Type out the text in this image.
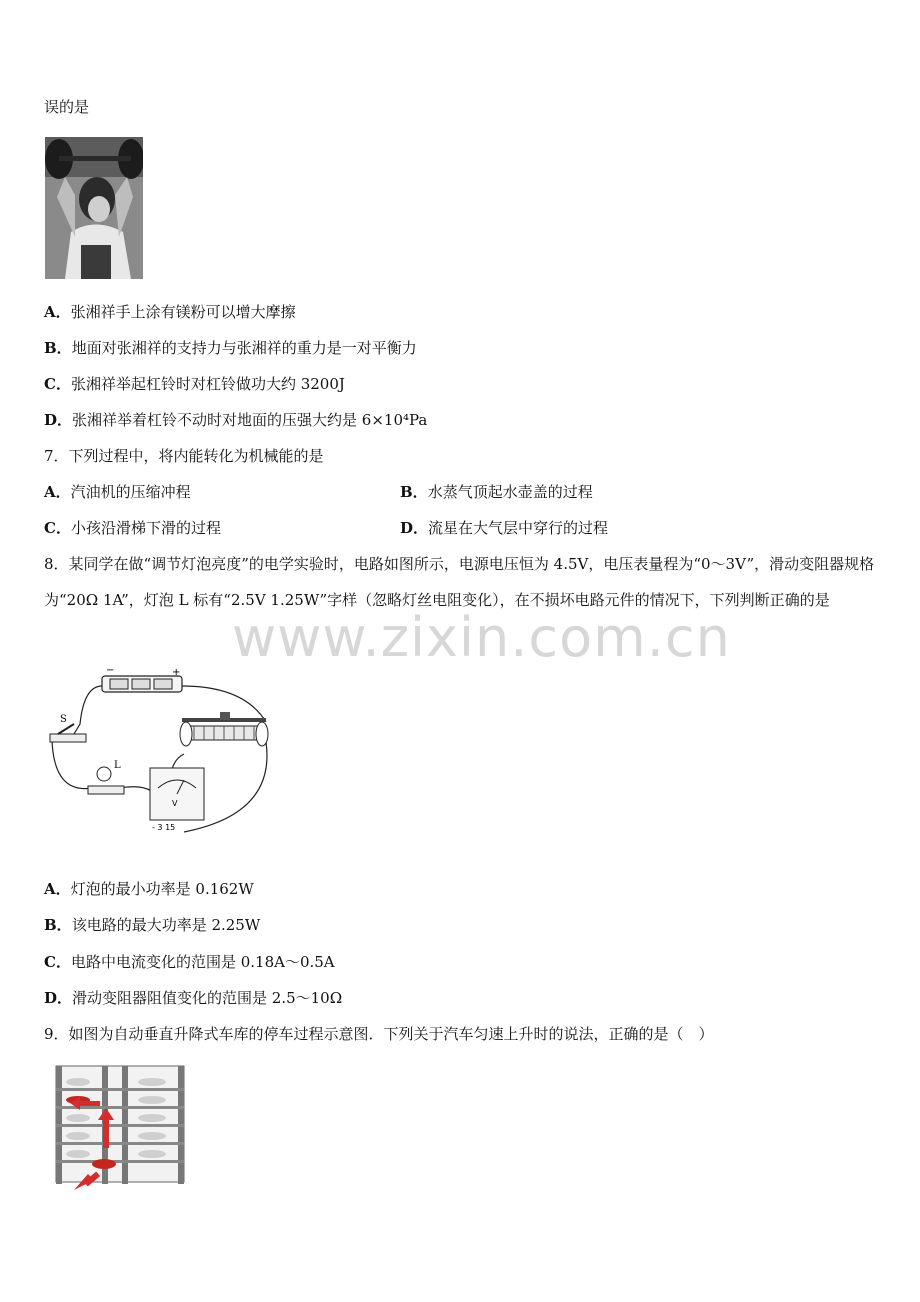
误的是
A．张湘祥手上涂有镁粉可以增大摩擦
B．地面对张湘祥的支持力与张湘祥的重力是一对平衡力
C．张湘祥举起杠铃时对杠铃做功大约 3200J
D．张湘祥举着杠铃不动时对地面的压强大约是 6×10⁴Pa
7．下列过程中，将内能转化为机械能的是
A．汽油机的压缩冲程	B．水蒸气顶起水壶盖的过程
C．小孩沿滑梯下滑的过程	D．流星在大气层中穿行的过程
8．某同学在做“调节灯泡亮度”的电学实验时，电路如图所示，电源电压恒为 4.5V，电压表量程为“0～3V”，滑动变阻器规格为“20Ω 1A”，灯泡 L 标有“2.5V 1.25W”字样（忽略灯丝电阻变化），在不损坏电路元件的情况下，下列判断正确的是
www.zixin.com.cn
−	+
S
L
V
- 3 15
A．灯泡的最小功率是 0.162W
B．该电路的最大功率是 2.25W
C．电路中电流变化的范围是 0.18A～0.5A
D．滑动变阻器阻值变化的范围是 2.5～10Ω
9．如图为自动垂直升降式车库的停车过程示意图．下列关于汽车匀速上升时的说法，正确的是（　）
